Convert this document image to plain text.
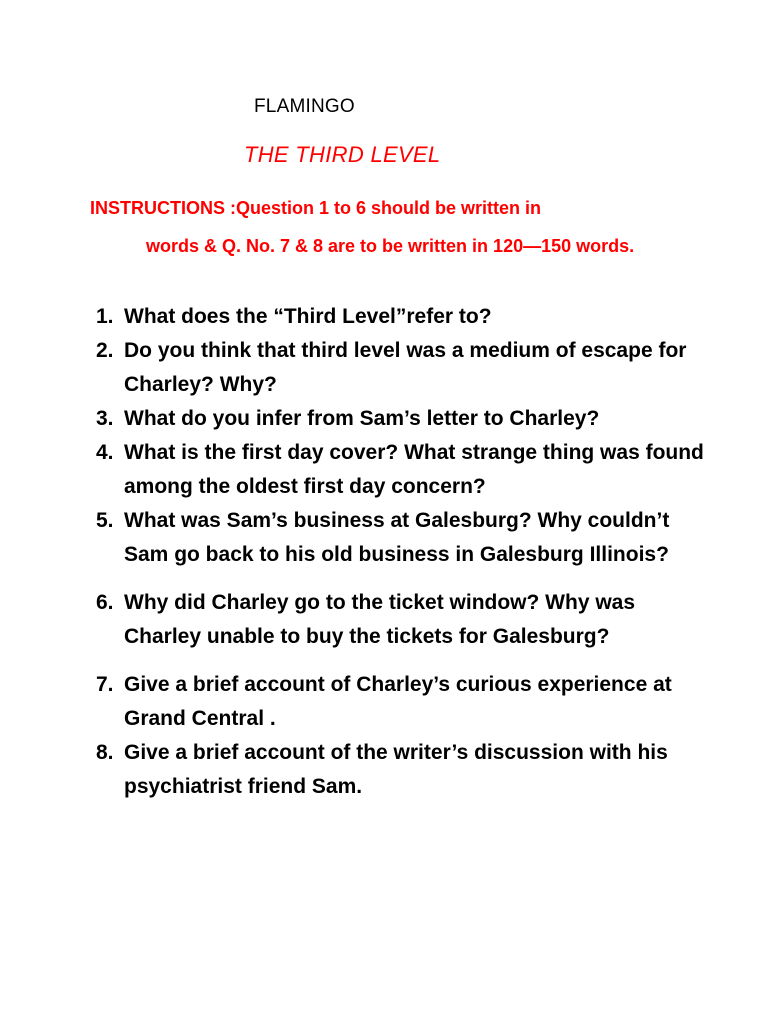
FLAMINGO
THE THIRD LEVEL
INSTRUCTIONS :Question 1 to 6 should be written in
words & Q. No. 7 & 8 are to be written in 120—150 words.
1. What does the “Third Level”refer to?
2. Do you think that third level was a medium of escape for Charley? Why?
3. What do you infer from Sam’s letter to Charley?
4. What is the first day cover? What strange thing was found among the oldest first day concern?
5. What was Sam’s business at Galesburg? Why couldn’t Sam go back to his old business in Galesburg Illinois?
6. Why did Charley go to the ticket window? Why was Charley unable to buy the tickets for Galesburg?
7. Give a brief account of Charley’s curious experience at Grand Central .
8. Give a brief account of the writer’s discussion with his psychiatrist friend Sam.
